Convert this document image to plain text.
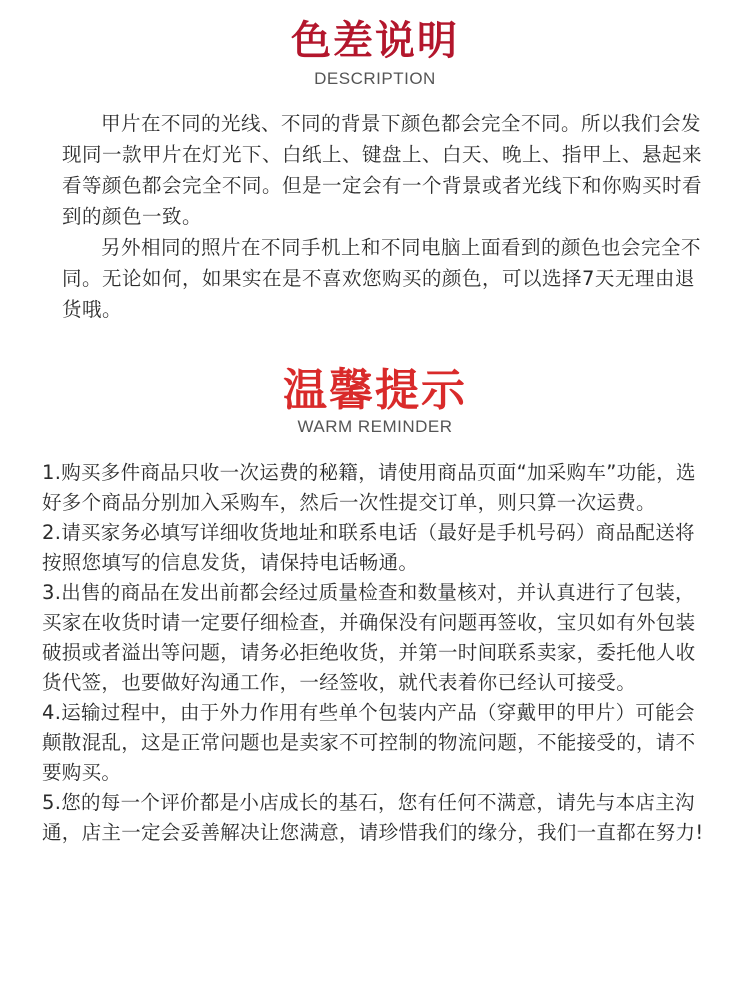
色差说明
DESCRIPTION

甲片在不同的光线、不同的背景下颜色都会完全不同。所以我们会发现同一款甲片在灯光下、白纸上、键盘上、白天、晚上、指甲上、悬起来看等颜色都会完全不同。但是一定会有一个背景或者光线下和你购买时看到的颜色一致。

另外相同的照片在不同手机上和不同电脑上面看到的颜色也会完全不同。无论如何，如果实在是不喜欢您购买的颜色，可以选择7天无理由退货哦。

温馨提示
WARM REMINDER

1.购买多件商品只收一次运费的秘籍，请使用商品页面“加采购车”功能，选好多个商品分别加入采购车，然后一次性提交订单，则只算一次运费。

2.请买家务必填写详细收货地址和联系电话（最好是手机号码）商品配送将按照您填写的信息发货，请保持电话畅通。

3.出售的商品在发出前都会经过质量检查和数量核对，并认真进行了包装，买家在收货时请一定要仔细检查，并确保没有问题再签收，宝贝如有外包装破损或者溢出等问题，请务必拒绝收货，并第一时间联系卖家，委托他人收货代签，也要做好沟通工作，一经签收，就代表着你已经认可接受。

4.运输过程中，由于外力作用有些单个包装内产品（穿戴甲的甲片）可能会颠散混乱，这是正常问题也是卖家不可控制的物流问题，不能接受的，请不要购买。

5.您的每一个评价都是小店成长的基石，您有任何不满意，请先与本店主沟通，店主一定会妥善解决让您满意，请珍惜我们的缘分，我们一直都在努力!
